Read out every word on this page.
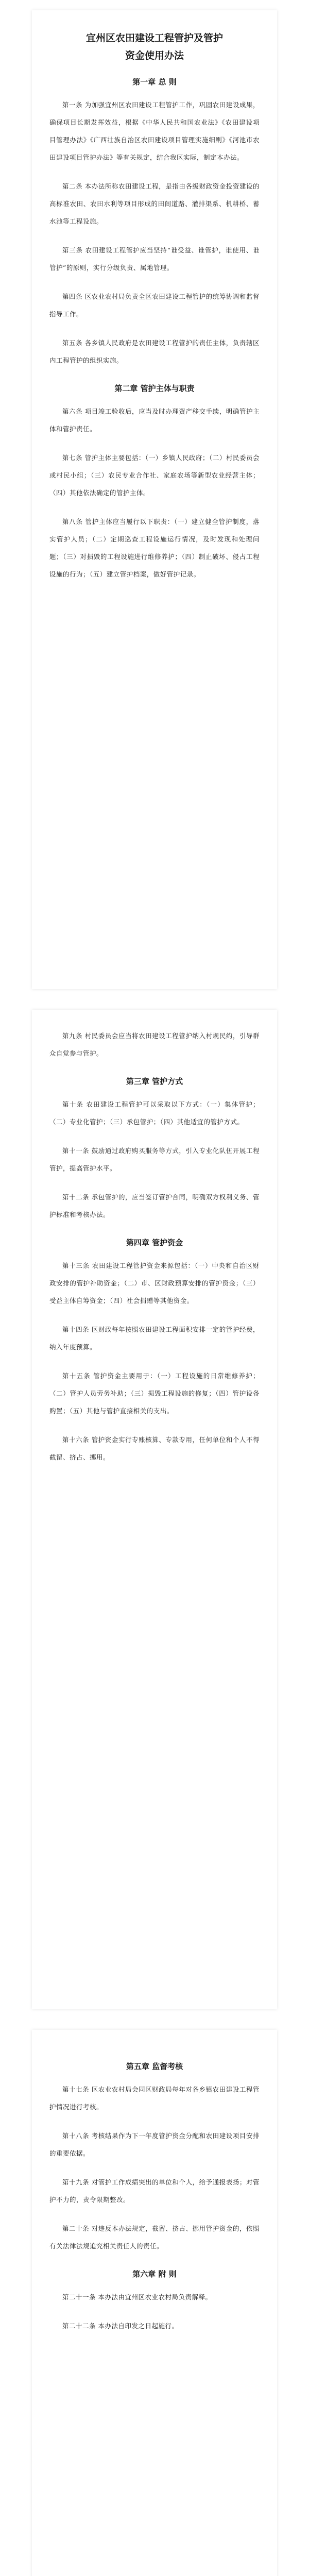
宜州区农田建设工程管护及管护
资金使用办法
第一章 总 则

第一条 为加强宜州区农田建设工程管护工作，巩固农田建设成果，确保项目长期发挥效益，根据《中华人民共和国农业法》《农田建设项目管理办法》《广西壮族自治区农田建设项目管理实施细则》《河池市农田建设项目管护办法》等有关规定，结合我区实际，制定本办法。

第二条 本办法所称农田建设工程，是指由各级财政资金投资建设的高标准农田、农田水利等项目形成的田间道路、灌排渠系、机耕桥、蓄水池等工程设施。

第三条 农田建设工程管护应当坚持“谁受益、谁管护，谁使用、谁管护”的原则，实行分级负责、属地管理。

第四条 区农业农村局负责全区农田建设工程管护的统筹协调和监督指导工作。

第五条 各乡镇人民政府是农田建设工程管护的责任主体，负责辖区内工程管护的组织实施。

第二章 管护主体与职责

第六条 项目竣工验收后，应当及时办理资产移交手续，明确管护主体和管护责任。

第七条 管护主体主要包括：（一）乡镇人民政府；（二）村民委员会或村民小组；（三）农民专业合作社、家庭农场等新型农业经营主体；（四）其他依法确定的管护主体。

第八条 管护主体应当履行以下职责：（一）建立健全管护制度，落实管护人员；（二）定期巡查工程设施运行情况，及时发现和处理问题；（三）对损毁的工程设施进行维修养护；（四）制止破坏、侵占工程设施的行为；（五）建立管护档案，做好管护记录。

第九条 村民委员会应当将农田建设工程管护纳入村规民约，引导群众自觉参与管护。

第三章 管护方式

第十条 农田建设工程管护可以采取以下方式：（一）集体管护；（二）专业化管护；（三）承包管护；（四）其他适宜的管护方式。

第十一条 鼓励通过政府购买服务等方式，引入专业化队伍开展工程管护，提高管护水平。

第十二条 承包管护的，应当签订管护合同，明确双方权利义务、管护标准和考核办法。

第四章 管护资金

第十三条 农田建设工程管护资金来源包括：（一）中央和自治区财政安排的管护补助资金；（二）市、区财政预算安排的管护资金；（三）受益主体自筹资金；（四）社会捐赠等其他资金。

第十四条 区财政每年按照农田建设工程面积安排一定的管护经费，纳入年度预算。

第十五条 管护资金主要用于：（一）工程设施的日常维修养护；（二）管护人员劳务补助；（三）损毁工程设施的修复；（四）管护设备购置；（五）其他与管护直接相关的支出。

第十六条 管护资金实行专账核算、专款专用，任何单位和个人不得截留、挤占、挪用。

第五章 监督考核

第十七条 区农业农村局会同区财政局每年对各乡镇农田建设工程管护情况进行考核。

第十八条 考核结果作为下一年度管护资金分配和农田建设项目安排的重要依据。

第十九条 对管护工作成绩突出的单位和个人，给予通报表扬；对管护不力的，责令限期整改。

第二十条 对违反本办法规定，截留、挤占、挪用管护资金的，依照有关法律法规追究相关责任人的责任。

第六章 附 则

第二十一条 本办法由宜州区农业农村局负责解释。

第二十二条 本办法自印发之日起施行。
